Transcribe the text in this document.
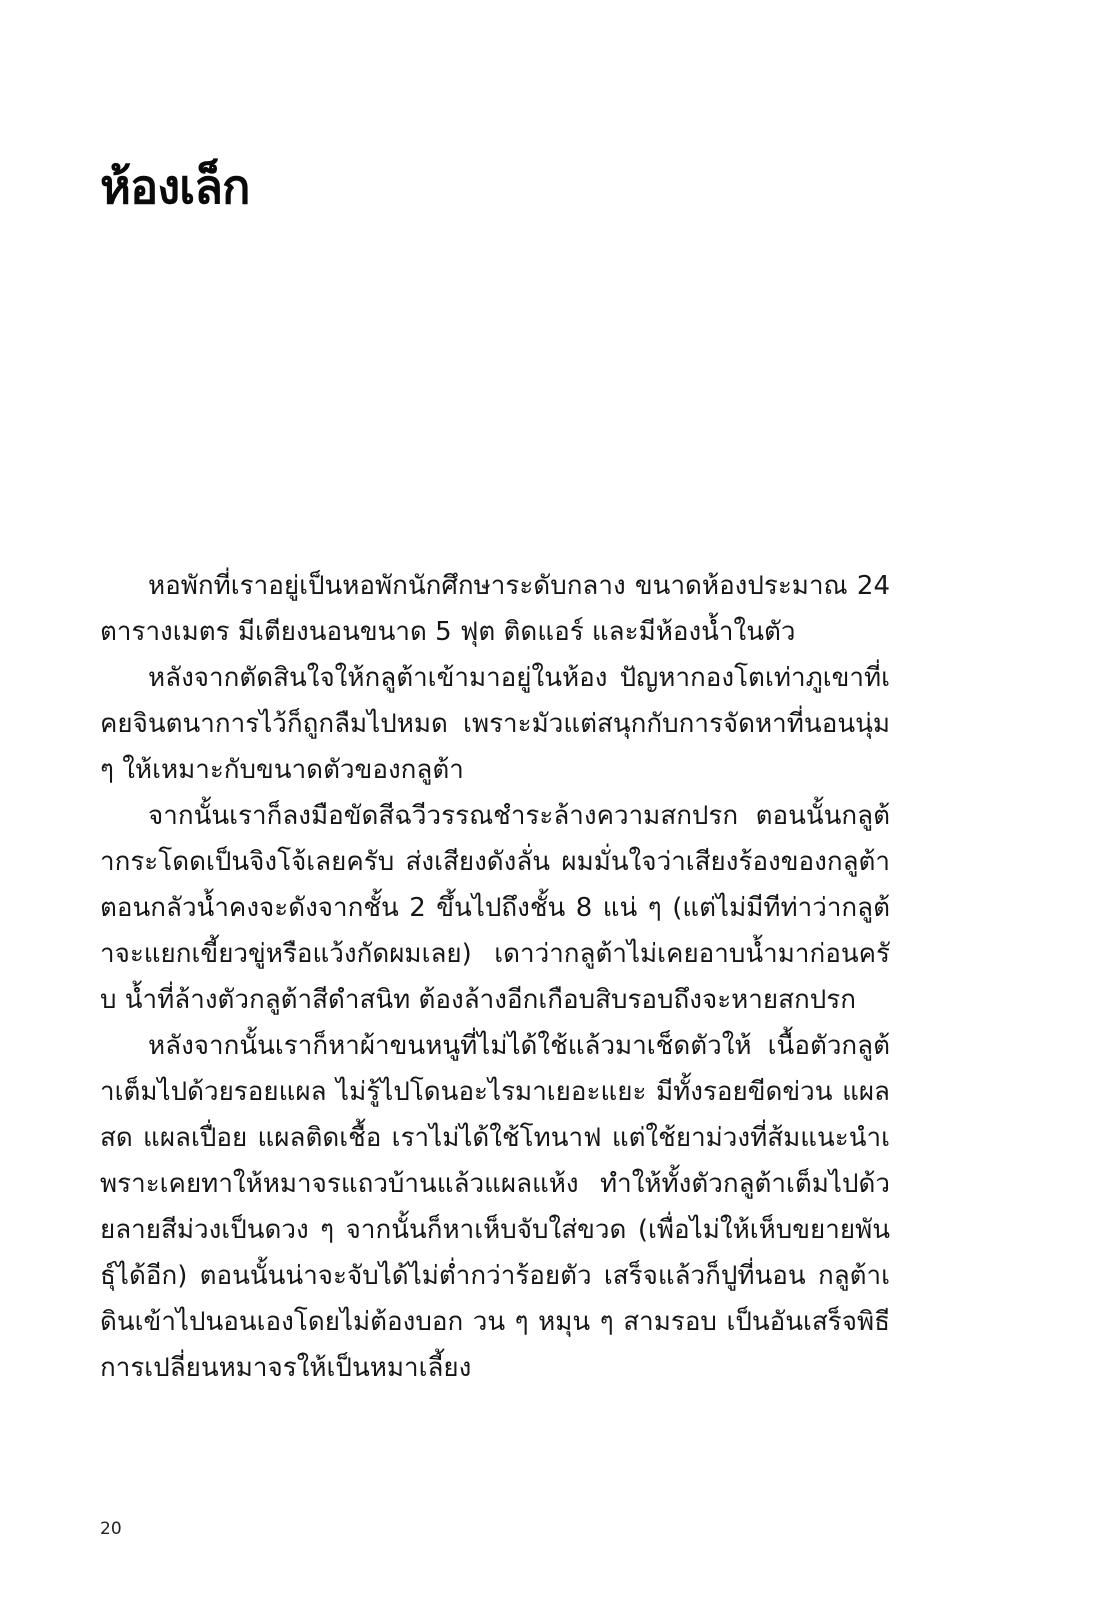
ห้องเล็ก

หอพักที่เราอยู่เป็นหอพักนักศึกษาระดับกลาง ขนาดห้องประมาณ 24 ตารางเมตร มีเตียงนอนขนาด 5 ฟุต ติดแอร์ และมีห้องน้ำในตัว

หลังจากตัดสินใจให้กลูต้าเข้ามาอยู่ในห้อง ปัญหากองโตเท่าภูเขาที่เคยจินตนาการไว้ก็ถูกลืมไปหมด เพราะมัวแต่สนุกกับการจัดหาที่นอนนุ่ม ๆ ให้เหมาะกับขนาดตัวของกลูต้า

จากนั้นเราก็ลงมือขัดสีฉวีวรรณชำระล้างความสกปรก ตอนนั้นกลูต้ากระโดดเป็นจิงโจ้เลยครับ ส่งเสียงดังลั่น ผมมั่นใจว่าเสียงร้องของกลูต้าตอนกลัวน้ำคงจะดังจากชั้น 2 ขึ้นไปถึงชั้น 8 แน่ ๆ (แต่ไม่มีทีท่าว่ากลูต้าจะแยกเขี้ยวขู่หรือแว้งกัดผมเลย) เดาว่ากลูต้าไม่เคยอาบน้ำมาก่อนครับ น้ำที่ล้างตัวกลูต้าสีดำสนิท ต้องล้างอีกเกือบสิบรอบถึงจะหายสกปรก

หลังจากนั้นเราก็หาผ้าขนหนูที่ไม่ได้ใช้แล้วมาเช็ดตัวให้ เนื้อตัวกลูต้าเต็มไปด้วยรอยแผล ไม่รู้ไปโดนอะไรมาเยอะแยะ มีทั้งรอยขีดข่วน แผลสด แผลเปื่อย แผลติดเชื้อ เราไม่ได้ใช้โทนาฟ แต่ใช้ยาม่วงที่ส้มแนะนำเพราะเคยทาให้หมาจรแถวบ้านแล้วแผลแห้ง ทำให้ทั้งตัวกลูต้าเต็มไปด้วยลายสีม่วงเป็นดวง ๆ จากนั้นก็หาเห็บจับใส่ขวด (เพื่อไม่ให้เห็บขยายพันธุ์ได้อีก) ตอนนั้นน่าจะจับได้ไม่ต่ำกว่าร้อยตัว เสร็จแล้วก็ปูที่นอน กลูต้าเดินเข้าไปนอนเองโดยไม่ต้องบอก วน ๆ หมุน ๆ สามรอบ เป็นอันเสร็จพิธีการเปลี่ยนหมาจรให้เป็นหมาเลี้ยง

20
